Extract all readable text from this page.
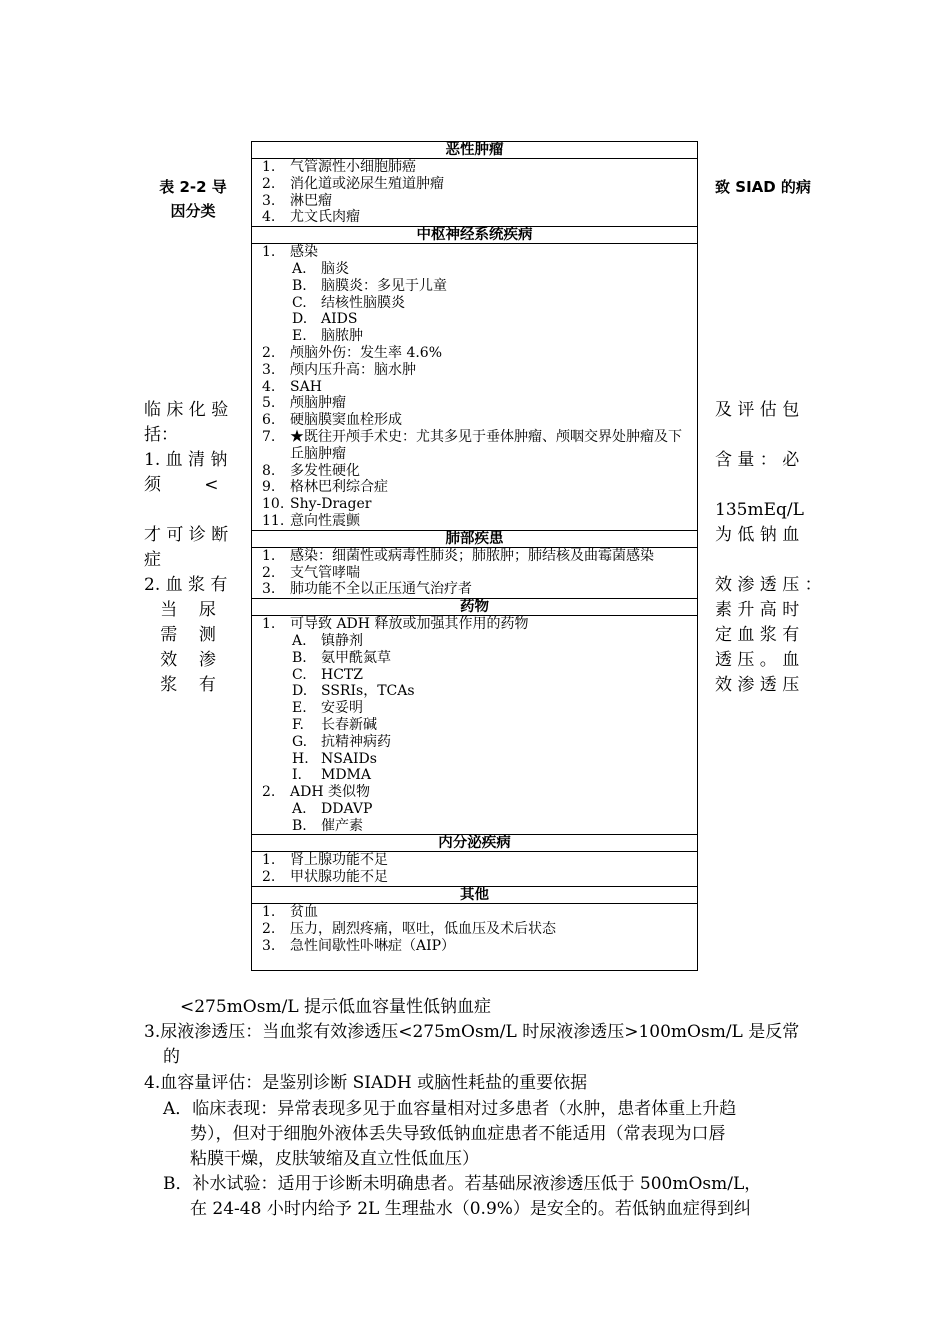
表 2-2 导
因分类
致 SIAD 的病
临 床 化 验
括：
1. 血 清 钠
须        <

才 可 诊 断
症
2. 血 浆 有
当    尿
需    测
效    渗
浆    有
及 评 估 包

含 量 ： 必

135mEq/L
为 低 钠 血

效 渗 透 压 ：
素 升 高 时
定 血 浆 有
透 压 。 血
效 渗 透 压
恶性肿瘤
1.	气管源性小细胞肺癌
2.	消化道或泌尿生殖道肿瘤
3.	淋巴瘤
4.	尤文氏肉瘤
中枢神经系统疾病
1.	感染
A.	脑炎
B.	脑膜炎：多见于儿童
C.	结核性脑膜炎
D. AIDS
E.	脑脓肿
2.	颅脑外伤：发生率 4.6%
3.	颅内压升高：脑水肿
4.	SAH
5.	颅脑肿瘤
6.	硬脑膜窦血栓形成
7.	★既往开颅手术史：尤其多见于垂体肿瘤、颅咽交界处肿瘤及下丘脑肿瘤
8.	多发性硬化
9.	格林巴利综合症
10. Shy-Drager
11. 意向性震颤
肺部疾患
1.	感染：细菌性或病毒性肺炎；肺脓肿；肺结核及曲霉菌感染
2.	支气管哮喘
3.	肺功能不全以正压通气治疗者
药物
1.	可导致 ADH 释放或加强其作用的药物
A.	镇静剂
B.	氨甲酰氮草
C.	HCTZ
D. SSRIs，TCAs
E.	安妥明
F.	长春新碱
G. 抗精神病药
H. NSAIDs
I.	MDMA
2.	ADH 类似物
A.	DDAVP
B.	催产素
内分泌疾病
1.	肾上腺功能不足
2.	甲状腺功能不足
其他
1.	贫血
2.	压力，剧烈疼痛，呕吐，低血压及术后状态
3.	急性间歇性卟啉症（AIP）
<275mOsm/L 提示低血容量性低钠血症
3.尿液渗透压：当血浆有效渗透压<275mOsm/L 时尿液渗透压>100mOsm/L 是反常
的
4.血容量评估：是鉴别诊断 SIADH 或脑性耗盐的重要依据
A．临床表现：异常表现多见于血容量相对过多患者（水肿，患者体重上升趋
势），但对于细胞外液体丢失导致低钠血症患者不能适用（常表现为口唇
粘膜干燥，皮肤皱缩及直立性低血压）
B．补水试验：适用于诊断未明确患者。若基础尿液渗透压低于 500mOsm/L，
在 24-48 小时内给予 2L 生理盐水（0.9%）是安全的。若低钠血症得到纠
